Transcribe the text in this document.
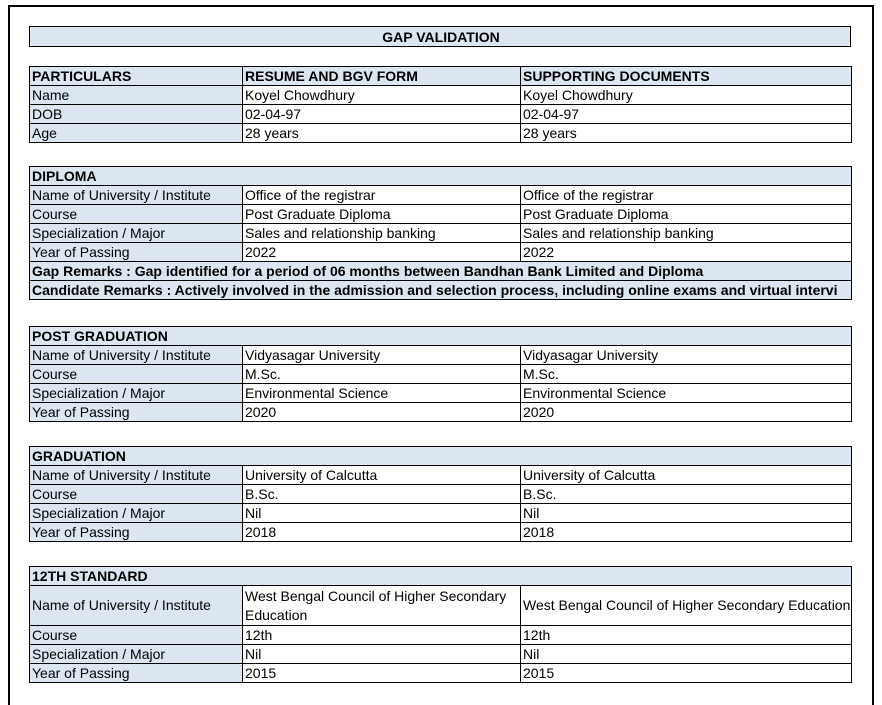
GAP VALIDATION
PARTICULARS	RESUME AND BGV FORM	SUPPORTING DOCUMENTS
Name	Koyel Chowdhury	Koyel Chowdhury
DOB	02-04-97	02-04-97
Age	28 years	28 years
DIPLOMA		
Name of University / Institute	Office of the registrar	Office of the registrar
Course	Post Graduate Diploma	Post Graduate Diploma
Specialization / Major	Sales and relationship banking	Sales and relationship banking
Year of Passing	2022	2022
Gap Remarks : Gap identified for a period of 06 months between Bandhan Bank Limited and Diploma		
Candidate Remarks : Actively involved in the admission and selection process, including online exams and virtual intervi		
POST GRADUATION		
Name of University / Institute	Vidyasagar University	Vidyasagar University
Course	M.Sc.	M.Sc.
Specialization / Major	Environmental Science	Environmental Science
Year of Passing	2020	2020
GRADUATION		
Name of University / Institute	University of Calcutta	University of Calcutta
Course	B.Sc.	B.Sc.
Specialization / Major	Nil	Nil
Year of Passing	2018	2018
12TH STANDARD		
Name of University / Institute	West Bengal Council of Higher Secondary Education	West Bengal Council of Higher Secondary Education
Course	12th	12th
Specialization / Major	Nil	Nil
Year of Passing	2015	2015
